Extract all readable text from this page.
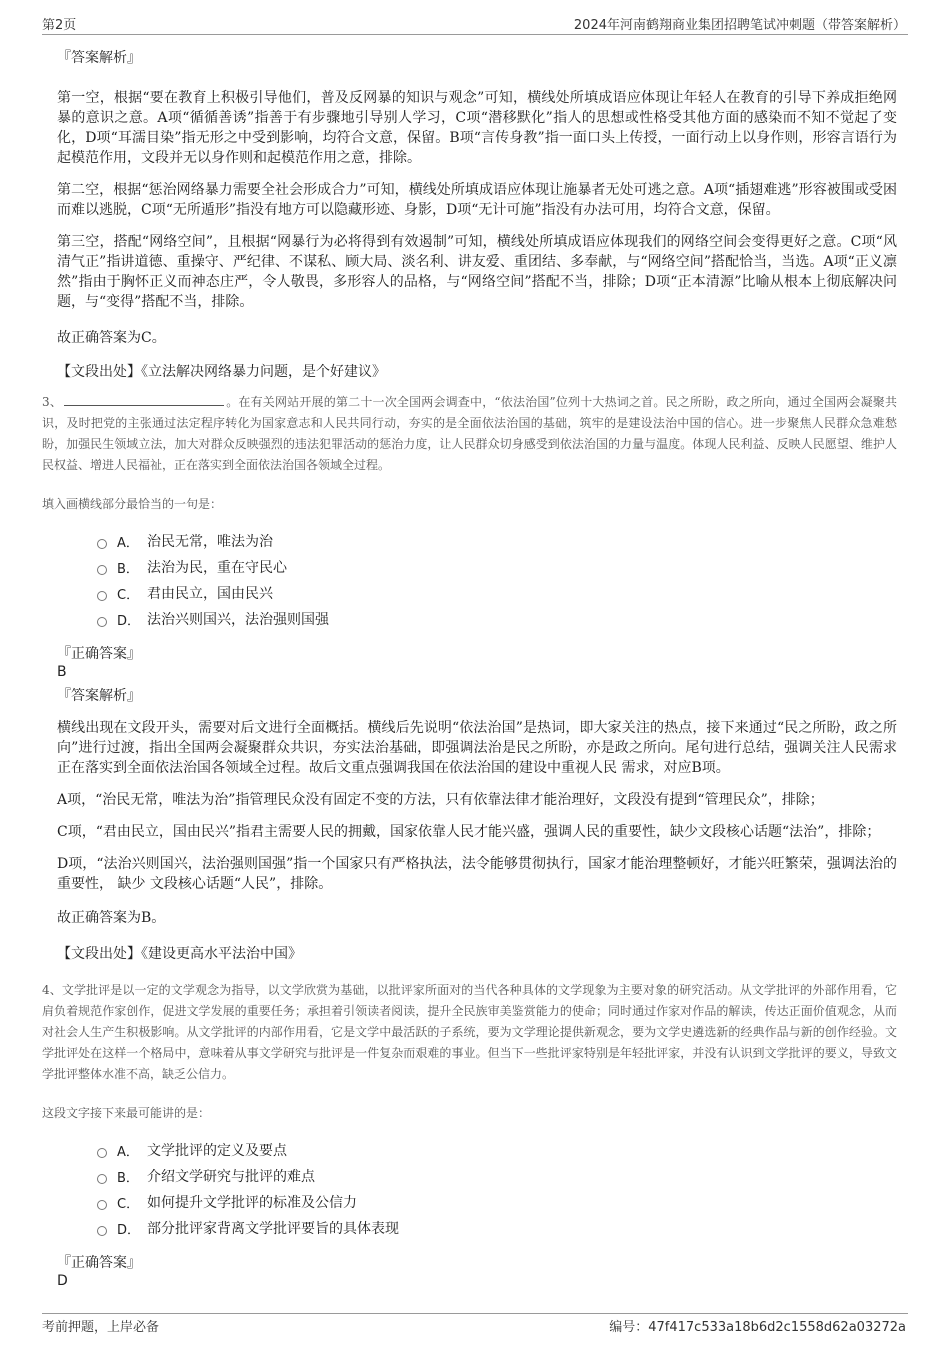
第2页	2024年河南鹤翔商业集团招聘笔试冲刺题（带答案解析）
『答案解析』

第一空，根据“要在教育上积极引导他们，普及反网暴的知识与观念”可知，横线处所填成语应体现让年轻人在教育的引导下养成拒绝网暴的意识之意。A项“循循善诱”指善于有步骤地引导别人学习，C项“潜移默化”指人的思想或性格受其他方面的感染而不知不觉起了变化，D项“耳濡目染”指无形之中受到影响，均符合文意，保留。B项“言传身教”指一面口头上传授，一面行动上以身作则，形容言语行为起模范作用，文段并无以身作则和起模范作用之意，排除。

第二空，根据“惩治网络暴力需要全社会形成合力”可知，横线处所填成语应体现让施暴者无处可逃之意。A项“插翅难逃”形容被围或受困而难以逃脱，C项“无所遁形”指没有地方可以隐藏形迹、身影，D项“无计可施”指没有办法可用，均符合文意，保留。

第三空，搭配“网络空间”，且根据“网暴行为必将得到有效遏制”可知，横线处所填成语应体现我们的网络空间会变得更好之意。C项“风清气正”指讲道德、重操守、严纪律、不谋私、顾大局、淡名利、讲友爱、重团结、多奉献，与“网络空间”搭配恰当，当选。A项“正义凛然”指由于胸怀正义而神态庄严，令人敬畏，多形容人的品格，与“网络空间”搭配不当，排除；D项“正本清源”比喻从根本上彻底解决问题，与“变得”搭配不当，排除。

故正确答案为C。

【文段出处】《立法解决网络暴力问题，是个好建议》
3、	。在有关网站开展的第二十一次全国两会调查中，“依法治国”位列十大热词之首。民之所盼，政之所向，通过全国两会凝聚共识，及时把党的主张通过法定程序转化为国家意志和人民共同行动，夯实的是全面依法治国的基础，筑牢的是建设法治中国的信心。进一步聚焦人民群众急难愁盼，加强民生领域立法，加大对群众反映强烈的违法犯罪活动的惩治力度，让人民群众切身感受到依法治国的力量与温度。体现人民利益、反映人民愿望、维护人民权益、增进人民福祉，正在落实到全面依法治国各领域全过程。
填入画横线部分最恰当的一句是：
A． 治民无常，唯法为治
B． 法治为民，重在守民心
C． 君由民立，国由民兴
D． 法治兴则国兴，法治强则国强
『正确答案』
B
『答案解析』

横线出现在文段开头，需要对后文进行全面概括。横线后先说明“依法治国”是热词，即大家关注的热点，接下来通过“民之所盼，政之所向”进行过渡，指出全国两会凝聚群众共识，夯实法治基础，即强调法治是民之所盼，亦是政之所向。尾句进行总结，强调关注人民需求正在落实到全面依法治国各领域全过程。故后文重点强调我国在依法治国的建设中重视人民 需求，对应B项。

A项，“治民无常，唯法为治”指管理民众没有固定不变的方法，只有依靠法律才能治理好，文段没有提到“管理民众”，排除；

C项，“君由民立，国由民兴”指君主需要人民的拥戴，国家依靠人民才能兴盛，强调人民的重要性，缺少文段核心话题“法治”，排除；

D项，“法治兴则国兴，法治强则国强”指一个国家只有严格执法，法令能够贯彻执行，国家才能治理整顿好，才能兴旺繁荣，强调法治的重要性， 缺少 文段核心话题“人民”，排除。

故正确答案为B。

【文段出处】《建设更高水平法治中国》
4、文学批评是以一定的文学观念为指导，以文学欣赏为基础，以批评家所面对的当代各种具体的文学现象为主要对象的研究活动。从文学批评的外部作用看，它肩负着规范作家创作，促进文学发展的重要任务；承担着引领读者阅读，提升全民族审美鉴赏能力的使命；同时通过作家对作品的解读，传达正面价值观念，从而对社会人生产生积极影响。从文学批评的内部作用看，它是文学中最活跃的子系统，要为文学理论提供新观念，要为文学史遴选新的经典作品与新的创作经验。文学批评处在这样一个格局中，意味着从事文学研究与批评是一件复杂而艰难的事业。但当下一些批评家特别是年轻批评家，并没有认识到文学批评的要义，导致文学批评整体水准不高，缺乏公信力。
这段文字接下来最可能讲的是：
A． 文学批评的定义及要点
B． 介绍文学研究与批评的难点
C． 如何提升文学批评的标准及公信力
D． 部分批评家背离文学批评要旨的具体表现
『正确答案』
D
考前押题，上岸必备	编号：47f417c533a18b6d2c1558d62a03272a
